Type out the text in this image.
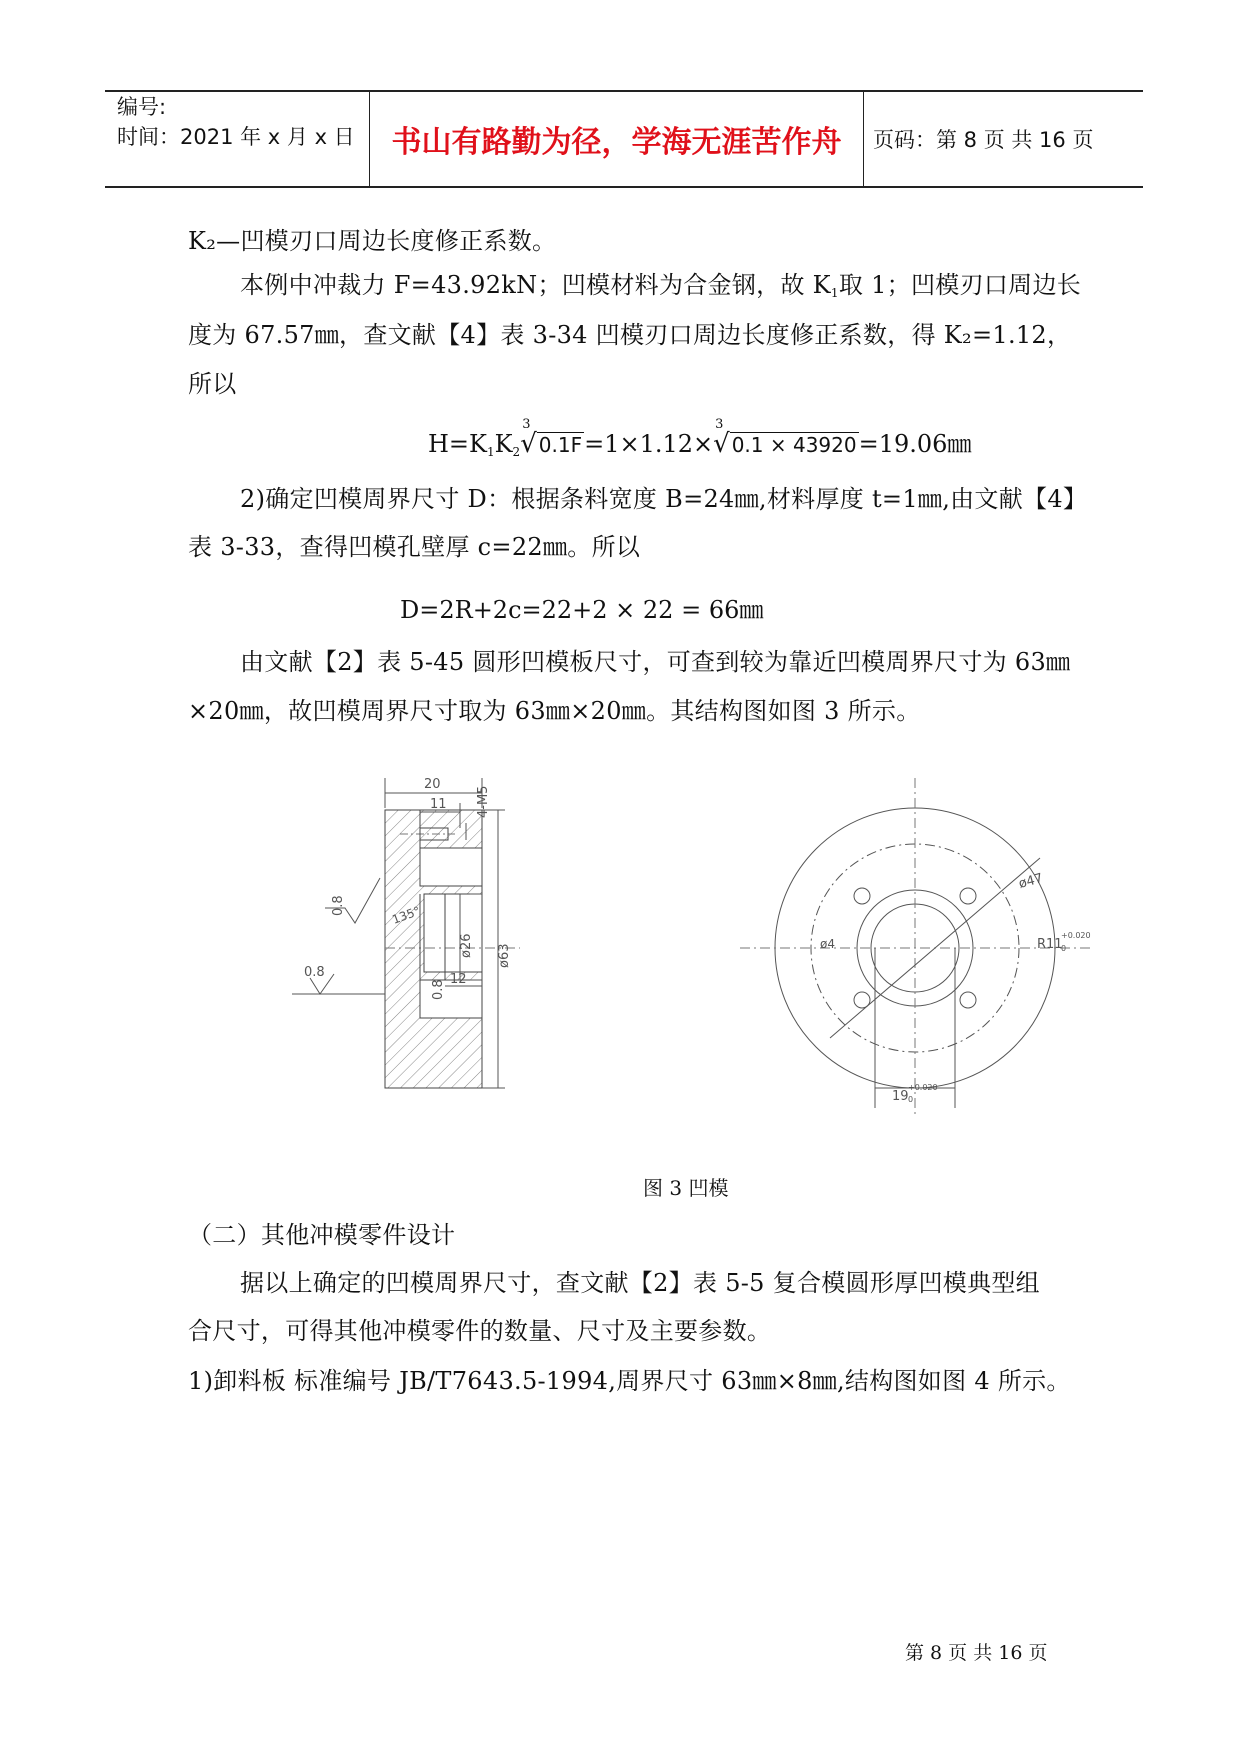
编号:
时间：2021 年 x 月 x 日	书山有路勤为径，学海无涯苦作舟	页码：第 8 页 共 16 页
K₂—凹模刃口周边长度修正系数。
本例中冲裁力 F=43.92kN；凹模材料为合金钢，故 $K_1$取 1；凹模刃口周边长
度为 67.57㎜，查文献【4】表 3-34 凹模刃口周边长度修正系数，得 K₂=1.12，
所以
$H=K_1K_2$
3
√ 0.1F=1×1.12×
3
√ 0.1 × 43920=19.06㎜
2)确定凹模周界尺寸 D：根据条料宽度 B=24㎜,材料厚度 t=1㎜,由文献【4】
表 3-33，查得凹模孔壁厚 c=22㎜。所以
D=2R+2c=22+2 × 22 = 66㎜
由文献【2】表 5-45 圆形凹模板尺寸，可查到较为靠近凹模周界尺寸为 63㎜
×20㎜，故凹模周界尺寸取为 63㎜×20㎜。其结构图如图 3 所示。
20
11 4-M5
ø63
ø26
12
0.8	135°
0.8
0.8
ø47
ø4	R11
+0.020
0
19
+0.020
0
图 3 凹模
（二）其他冲模零件设计
据以上确定的凹模周界尺寸，查文献【2】表 5-5 复合模圆形厚凹模典型组
合尺寸，可得其他冲模零件的数量、尺寸及主要参数。
1)卸料板 标准编号 JB/T7643.5-1994,周界尺寸 63㎜×8㎜,结构图如图 4 所示。
第 8 页 共 16 页
